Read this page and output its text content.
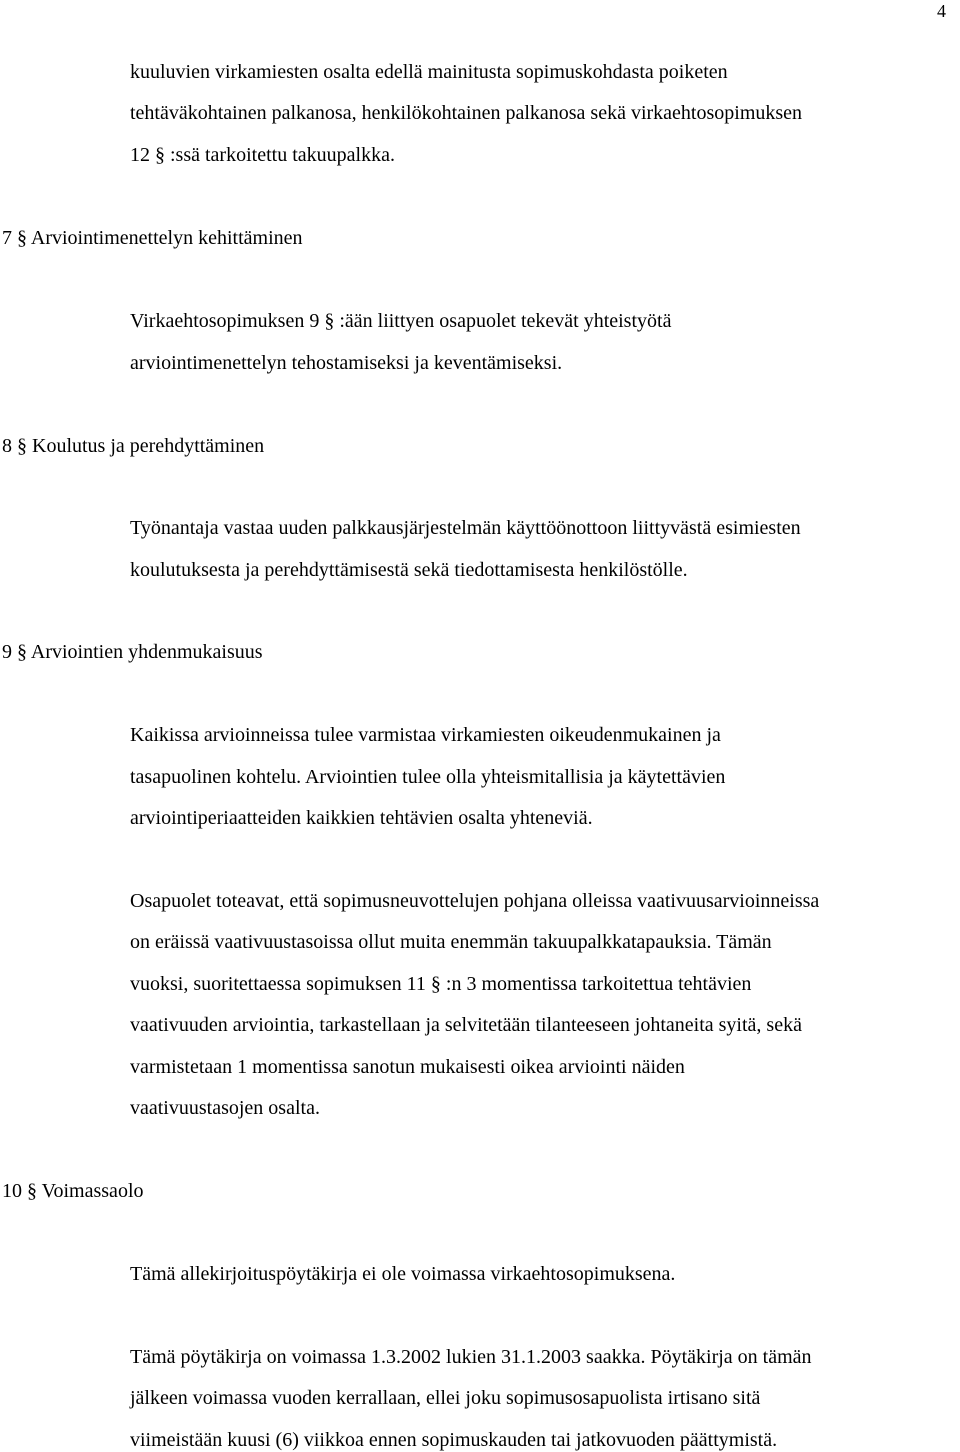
4
kuuluvien virkamiesten osalta edellä mainitusta sopimuskohdasta poiketen
tehtäväkohtainen palkanosa, henkilökohtainen palkanosa sekä virkaehtosopimuksen
12 § :ssä tarkoitettu takuupalkka.
7 § Arviointimenettelyn kehittäminen
Virkaehtosopimuksen 9 § :ään liittyen osapuolet tekevät yhteistyötä
arviointimenettelyn tehostamiseksi ja keventämiseksi.
8 § Koulutus ja perehdyttäminen
Työnantaja vastaa uuden palkkausjärjestelmän käyttöönottoon liittyvästä esimiesten
koulutuksesta ja perehdyttämisestä sekä tiedottamisesta henkilöstölle.
9 § Arviointien yhdenmukaisuus
Kaikissa arvioinneissa tulee varmistaa virkamiesten oikeudenmukainen ja
tasapuolinen kohtelu. Arviointien tulee olla yhteismitallisia ja käytettävien
arviointiperiaatteiden kaikkien tehtävien osalta yhteneviä.
Osapuolet toteavat, että sopimusneuvottelujen pohjana olleissa vaativuusarvioinneissa
on eräissä vaativuustasoissa ollut muita enemmän takuupalkkatapauksia. Tämän
vuoksi, suoritettaessa sopimuksen 11 § :n 3 momentissa tarkoitettua tehtävien
vaativuuden arviointia, tarkastellaan ja selvitetään tilanteeseen johtaneita syitä, sekä
varmistetaan 1 momentissa sanotun mukaisesti oikea arviointi näiden
vaativuustasojen osalta.
10 § Voimassaolo
Tämä allekirjoituspöytäkirja ei ole voimassa virkaehtosopimuksena.
Tämä pöytäkirja on voimassa 1.3.2002 lukien 31.1.2003 saakka. Pöytäkirja on tämän
jälkeen voimassa vuoden kerrallaan, ellei joku sopimusosapuolista irtisano sitä
viimeistään kuusi (6) viikkoa ennen sopimuskauden tai jatkovuoden päättymistä.
